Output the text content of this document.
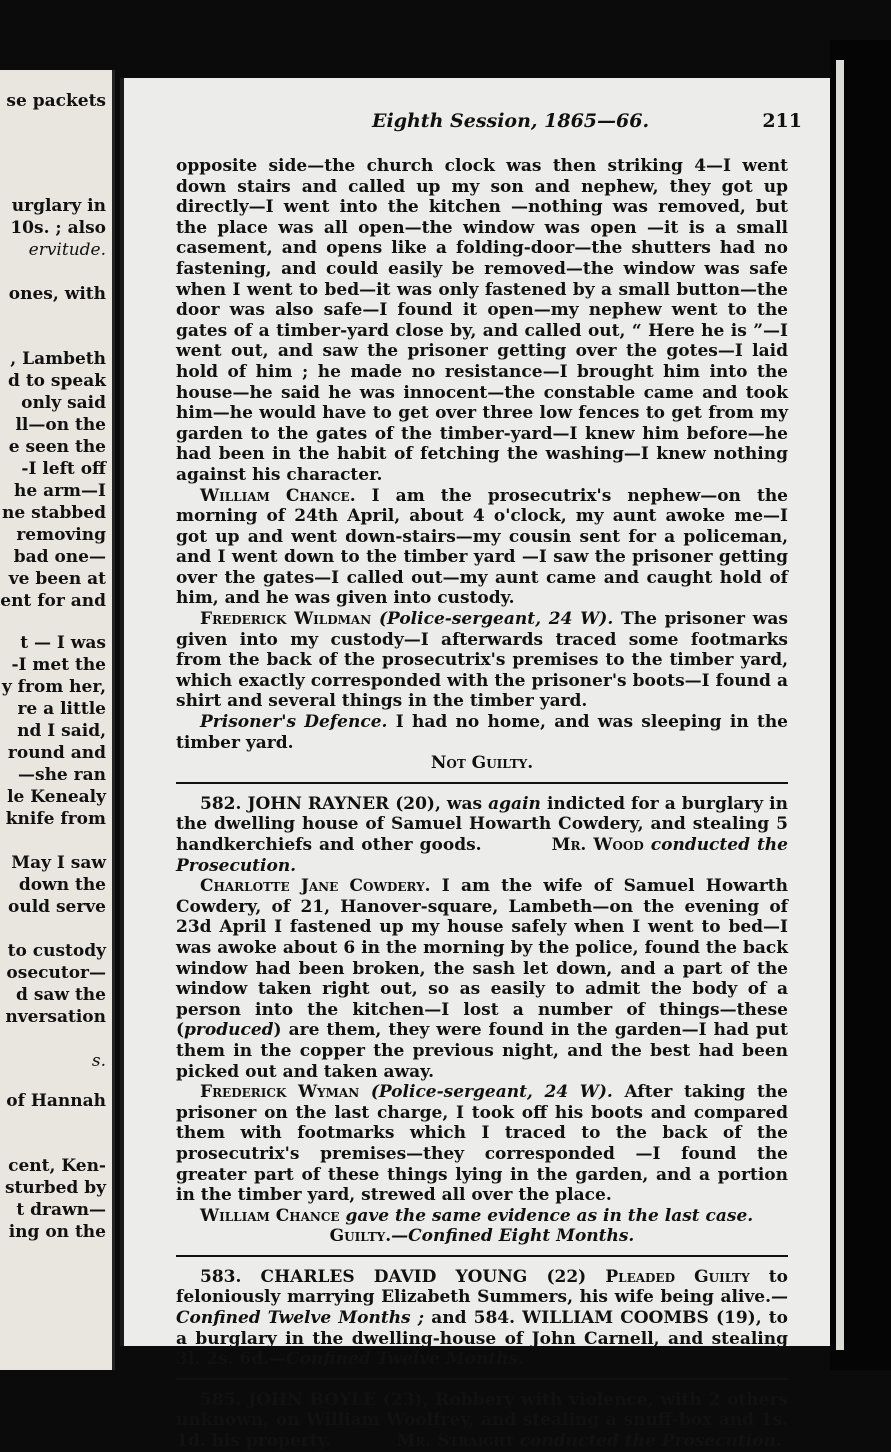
se packets
urglary in
10s. ; also
ervitude.
ones, with
, Lambeth
d to speak
only said
ll—on the
e seen the
-I left off
he arm—I
ne stabbed
removing
bad one—
ve been at
ent for and
t — I was
-I met the
y from her,
re a little
nd I said,
round and
—she ran
le Kenealy
knife from
May I saw
down the
ould serve
to custody
osecutor—
d saw the
nversation
s.
of Hannah
cent, Ken-
sturbed by
t drawn—
ing on the
Eighth Session, 1865—66.	211

opposite side—the church clock was then striking 4—I went down stairs and called up my son and nephew, they got up directly—I went into the kitchen —nothing was removed, but the place was all open—the window was open —it is a small casement, and opens like a folding-door—the shutters had no fastening, and could easily be removed—the window was safe when I went to bed—it was only fastened by a small button—the door was also safe—I found it open—my nephew went to the gates of a timber-yard close by, and called out, “ Here he is ”—I went out, and saw the prisoner getting over the gotes—I laid hold of him ; he made no resistance—I brought him into the house—he said he was innocent—the constable came and took him—he would have to get over three low fences to get from my garden to the gates of the timber-yard—I knew him before—he had been in the habit of fetching the washing—I knew nothing against his character.

William Chance. I am the prosecutrix's nephew—on the morning of 24th April, about 4 o'clock, my aunt awoke me—I got up and went down-stairs—my cousin sent for a policeman, and I went down to the timber yard —I saw the prisoner getting over the gates—I called out—my aunt came and caught hold of him, and he was given into custody.

Frederick Wildman (Police-sergeant, 24 W). The prisoner was given into my custody—I afterwards traced some footmarks from the back of the prosecutrix's premises to the timber yard, which exactly corresponded with the prisoner's boots—I found a shirt and several things in the timber yard.

Prisoner's Defence. I had no home, and was sleeping in the timber yard.

Not Guilty.

582. JOHN RAYNER (20), was again indicted for a burglary in the dwelling house of Samuel Howarth Cowdery, and stealing 5 handkerchiefs and other goods.	Mr. Wood conducted the Prosecution.

Charlotte Jane Cowdery. I am the wife of Samuel Howarth Cowdery, of 21, Hanover-square, Lambeth—on the evening of 23d April I fastened up my house safely when I went to bed—I was awoke about 6 in the morning by the police, found the back window had been broken, the sash let down, and a part of the window taken right out, so as easily to admit the body of a person into the kitchen—I lost a number of things—these (produced) are them, they were found in the garden—I had put them in the copper the previous night, and the best had been picked out and taken away.

Frederick Wyman (Police-sergeant, 24 W). After taking the prisoner on the last charge, I took off his boots and compared them with footmarks which I traced to the back of the prosecutrix's premises—they corresponded —I found the greater part of these things lying in the garden, and a portion in the timber yard, strewed all over the place.

William Chance gave the same evidence as in the last case.

Guilty.—Confined Eight Months.

583. CHARLES DAVID YOUNG (22) Pleaded Guilty to feloniously marrying Elizabeth Summers, his wife being alive.—Confined Twelve Months ; and 584. WILLIAM COOMBS (19), to a burglary in the dwelling-house of John Carnell, and stealing 3l. 2s. 6d.—Confined Twelve Months.

585. JOHN BOYLE (23), Robbery with violence, with 2 others unknown, on William Woolfrey, and stealing a snuff-box and 1s. 1d. his property.	Mr. Straight conducted the Prosecution.
